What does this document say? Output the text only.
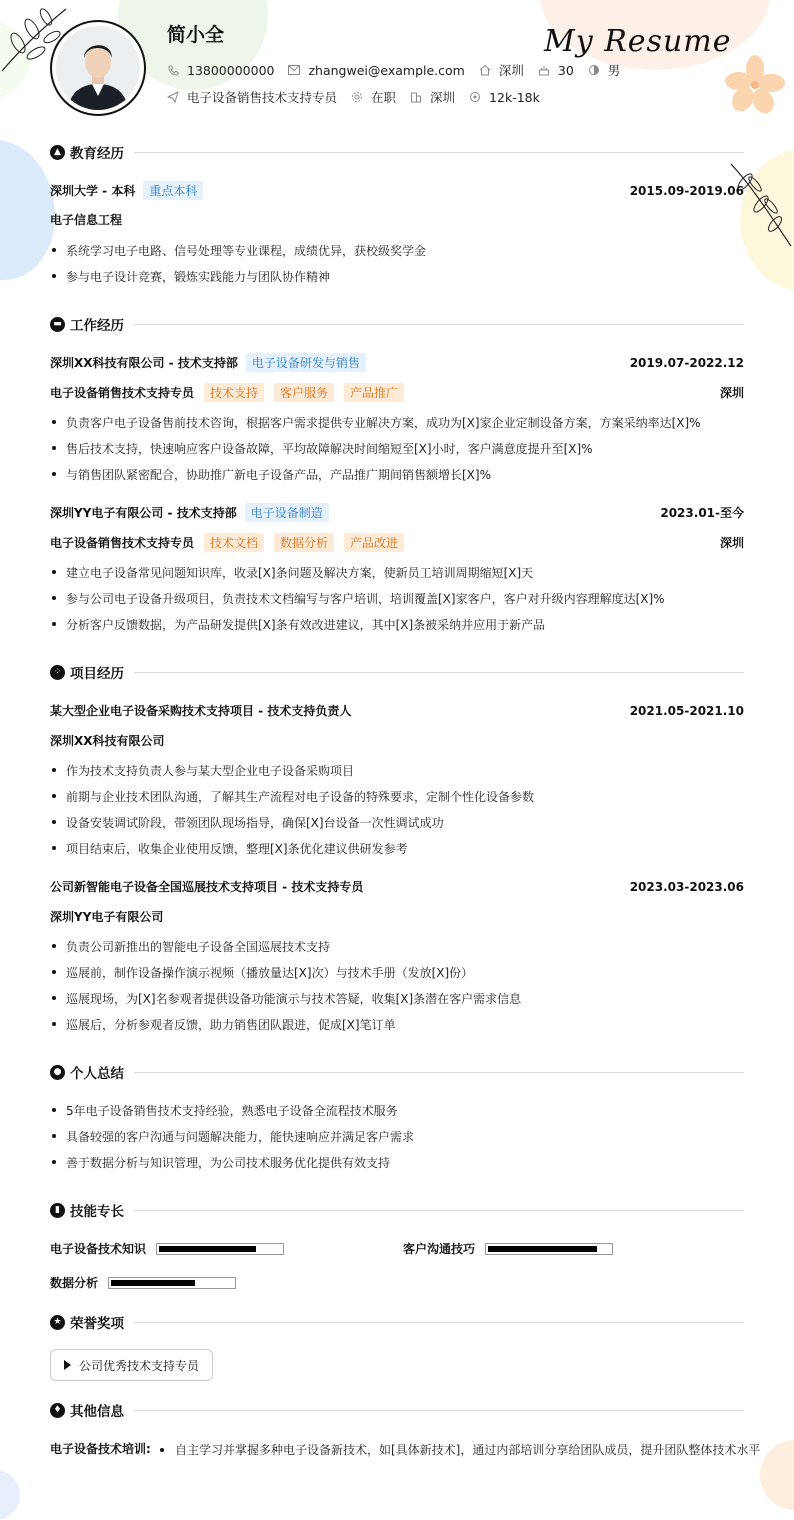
My Resume
简小全
13800000000	zhangwei@example.com	深圳	30	男
电子设备销售技术支持专员	在职	深圳	12k-18k
▲ 教育经历
深圳大学 - 本科	重点本科	2015.09-2019.06
电子信息工程
系统学习电子电路、信号处理等专业课程，成绩优异，获校级奖学金
参与电子设计竞赛，锻炼实践能力与团队协作精神
▬ 工作经历
深圳XX科技有限公司 - 技术支持部	电子设备研发与销售	2019.07-2022.12
电子设备销售技术支持专员	技术支持	客户服务	产品推广	深圳
负责客户电子设备售前技术咨询，根据客户需求提供专业解决方案，成功为[X]家企业定制设备方案，方案采纳率达[X]%
售后技术支持，快速响应客户设备故障，平均故障解决时间缩短至[X]小时，客户满意度提升至[X]%
与销售团队紧密配合，协助推广新电子设备产品，产品推广期间销售额增长[X]%
深圳YY电子有限公司 - 技术支持部	电子设备制造	2023.01-至今
电子设备销售技术支持专员	技术文档	数据分析	产品改进	深圳
建立电子设备常见问题知识库，收录[X]条问题及解决方案，使新员工培训周期缩短[X]天
参与公司电子设备升级项目，负责技术文档编写与客户培训，培训覆盖[X]家客户，客户对升级内容理解度达[X]%
分析客户反馈数据，为产品研发提供[X]条有效改进建议，其中[X]条被采纳并应用于新产品
⁘ 项目经历
某大型企业电子设备采购技术支持项目 - 技术支持负责人	2021.05-2021.10
深圳XX科技有限公司
作为技术支持负责人参与某大型企业电子设备采购项目
前期与企业技术团队沟通，了解其生产流程对电子设备的特殊要求，定制个性化设备参数
设备安装调试阶段，带领团队现场指导，确保[X]台设备一次性调试成功
项目结束后，收集企业使用反馈，整理[X]条优化建议供研发参考
公司新智能电子设备全国巡展技术支持项目 - 技术支持专员	2023.03-2023.06
深圳YY电子有限公司
负责公司新推出的智能电子设备全国巡展技术支持
巡展前，制作设备操作演示视频（播放量达[X]次）与技术手册（发放[X]份）
巡展现场，为[X]名参观者提供设备功能演示与技术答疑，收集[X]条潜在客户需求信息
巡展后，分析参观者反馈，助力销售团队跟进，促成[X]笔订单
● 个人总结
5年电子设备销售技术支持经验，熟悉电子设备全流程技术服务
具备较强的客户沟通与问题解决能力，能快速响应并满足客户需求
善于数据分析与知识管理，为公司技术服务优化提供有效支持
▮ 技能专长
电子设备技术知识	客户沟通技巧
数据分析
★ 荣誉奖项
公司优秀技术支持专员
♦ 其他信息
电子设备技术培训:	自主学习并掌握多种电子设备新技术，如[具体新技术]，通过内部培训分享给团队成员，提升团队整体技术水平
